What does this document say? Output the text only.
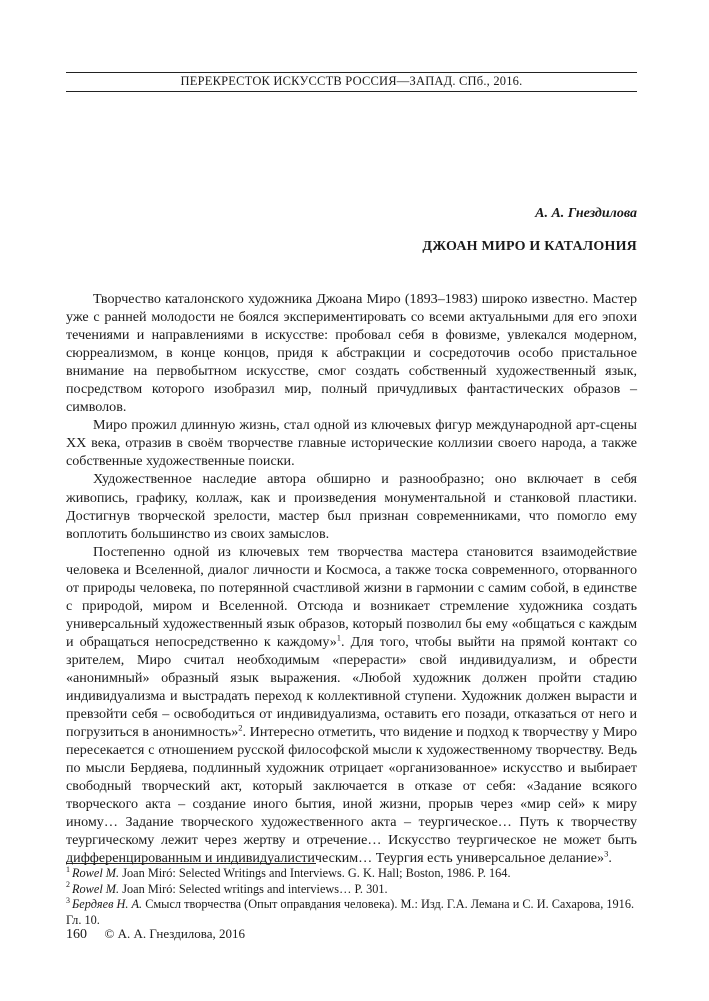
ПЕРЕКРЕСТОК ИСКУССТВ РОССИЯ—ЗАПАД. СПб., 2016.
А. А. Гнездилова
ДЖОАН МИРО И КАТАЛОНИЯ

Творчество каталонского художника Джоана Миро (1893–1983) широко известно. Мастер уже с ранней молодости не боялся экспериментировать со всеми актуальными для его эпохи течениями и направлениями в искусстве: пробовал себя в фовизме, увлекался модерном, сюрреализмом, в конце концов, придя к абстракции и сосредоточив особо пристальное внимание на первобытном искусстве, смог создать собственный художественный язык, посредством которого изобразил мир, полный причудливых фантастических образов – символов.

Миро прожил длинную жизнь, стал одной из ключевых фигур международной арт-сцены XX века, отразив в своём творчестве главные исторические коллизии своего народа, а также собственные художественные поиски.

Художественное наследие автора обширно и разнообразно; оно включает в себя живопись, графику, коллаж, как и произведения монументальной и станковой пластики. Достигнув творческой зрелости, мастер был признан современниками, что помогло ему воплотить большинство из своих замыслов.

Постепенно одной из ключевых тем творчества мастера становится взаимодействие человека и Вселенной, диалог личности и Космоса, а также тоска современного, оторванного от природы человека, по потерянной счастливой жизни в гармонии с самим собой, в единстве с природой, миром и Вселенной. Отсюда и возникает стремление художника создать универсальный художественный язык образов, который позволил бы ему «общаться с каждым и обращаться непосредственно к каждому»$^1$. Для того, чтобы выйти на прямой контакт со зрителем, Миро считал необходимым «перерасти» свой индивидуализм, и обрести «анонимный» образный язык выражения. «Любой художник должен пройти стадию индивидуализма и выстрадать переход к коллективной ступени. Художник должен вырасти и превзойти себя – освободиться от индивидуализма, оставить его позади, отказаться от него и погрузиться в анонимность»$^2$. Интересно отметить, что видение и подход к творчеству у Миро пересекается с отношением русской философской мысли к художественному творчеству. Ведь по мысли Бердяева, подлинный художник отрицает «организованное» искусство и выбирает свободный творческий акт, который заключается в отказе от себя: «Задание всякого творческого акта – создание иного бытия, иной жизни, прорыв через «мир сей» к миру иному… Задание творческого художественного акта – теургическое… Путь к творчеству теургическому лежит через жертву и отречение… Искусство теургическое не может быть дифференцированным и индивидуалистическим… Теургия есть универсальное делание»$^3$.

$^1$ Rowel M. Joan Miró: Selected Writings and Interviews. G. K. Hall; Boston, 1986. P. 164.
$^2$ Rowel M. Joan Miró: Selected writings and interviews… P. 301.
$^3$ Бердяев Н. А. Смысл творчества (Опыт оправдания человека). М.: Изд. Г.А. Лемана и С. И. Сахарова, 1916. Гл. 10.
160 © А. А. Гнездилова, 2016
